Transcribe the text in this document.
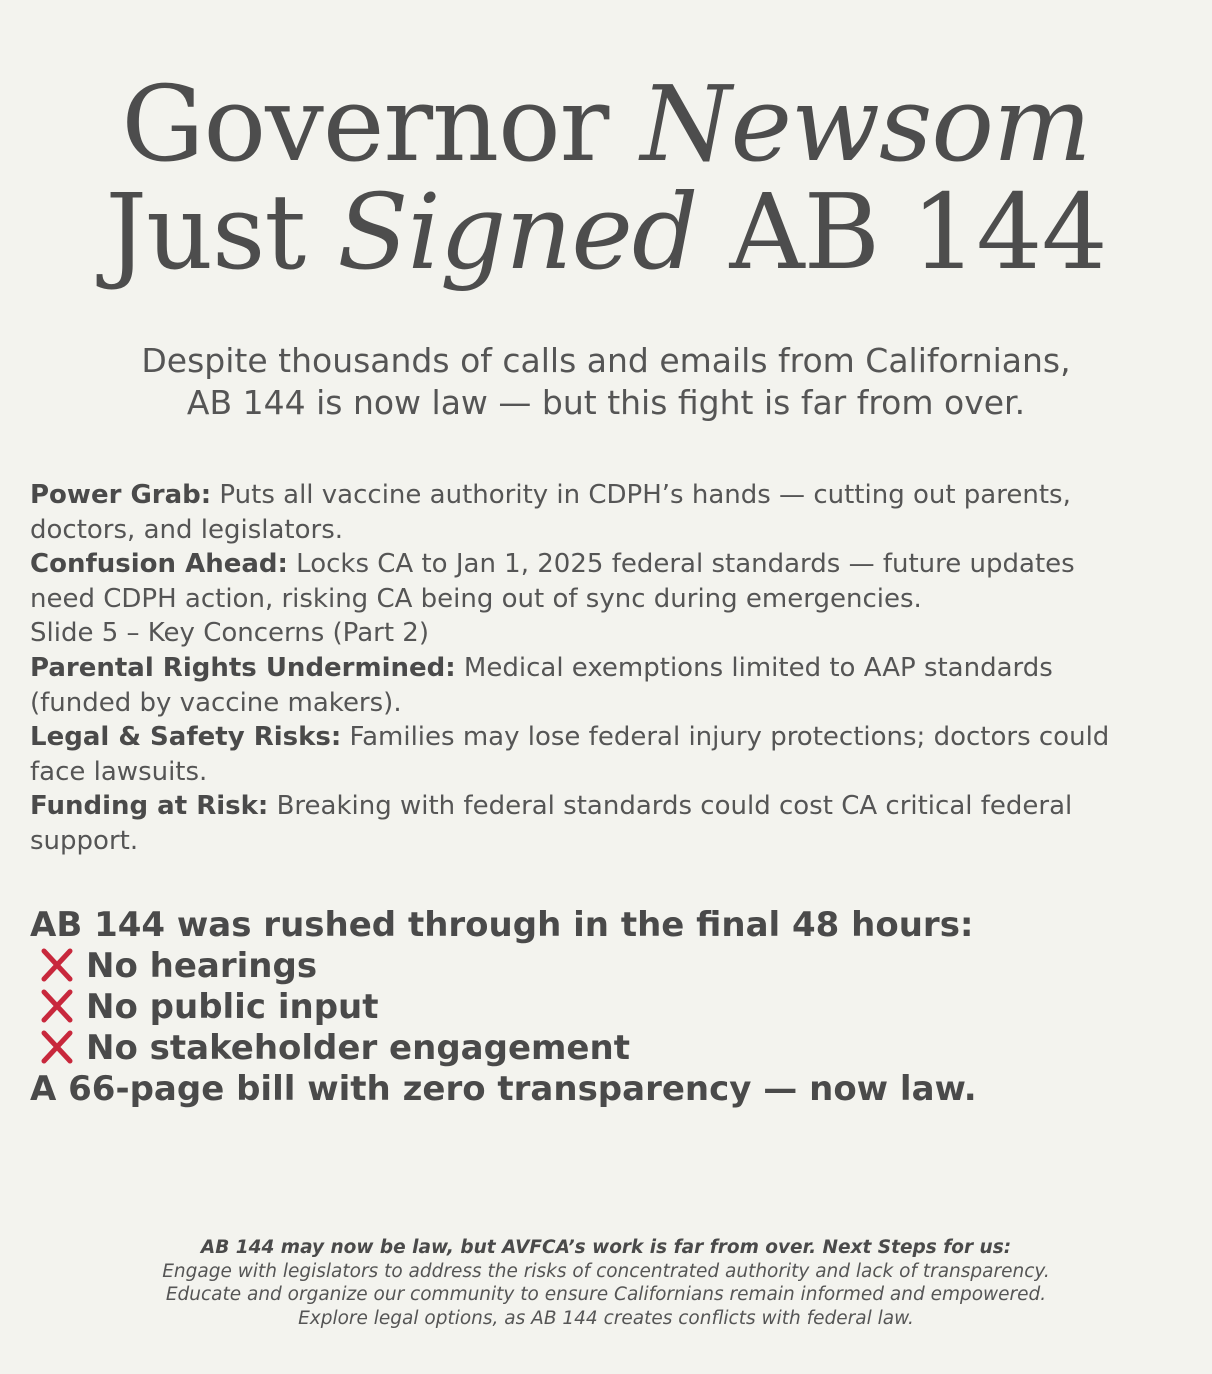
Governor Newsom
Just Signed AB 144
Despite thousands of calls and emails from Californians,
AB 144 is now law — but this fight is far from over.
Power Grab: Puts all vaccine authority in CDPH’s hands — cutting out parents,
doctors, and legislators.
Confusion Ahead: Locks CA to Jan 1, 2025 federal standards — future updates
need CDPH action, risking CA being out of sync during emergencies.
Slide 5 – Key Concerns (Part 2)
Parental Rights Undermined: Medical exemptions limited to AAP standards
(funded by vaccine makers).
Legal & Safety Risks: Families may lose federal injury protections; doctors could
face lawsuits.
Funding at Risk: Breaking with federal standards could cost CA critical federal
support.
AB 144 was rushed through in the final 48 hours:
No hearings
No public input
No stakeholder engagement
A 66-page bill with zero transparency — now law.
AB 144 may now be law, but AVFCA’s work is far from over. Next Steps for us:
Engage with legislators to address the risks of concentrated authority and lack of transparency.
Educate and organize our community to ensure Californians remain informed and empowered.
Explore legal options, as AB 144 creates conflicts with federal law.
